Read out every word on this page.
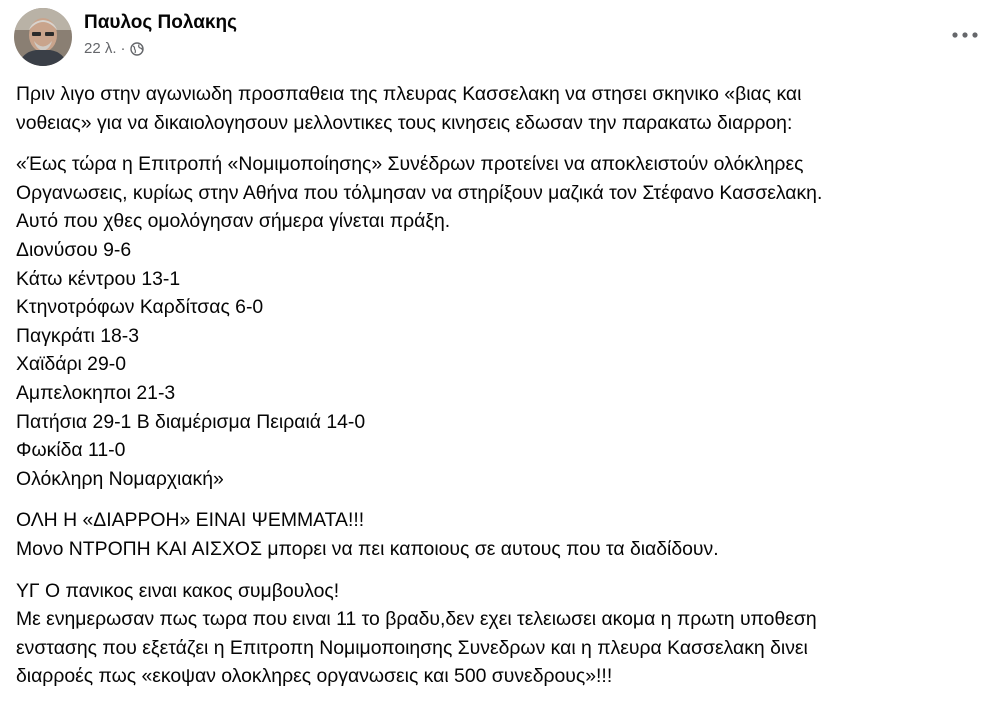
Παυλος Πολακης
22 λ. ·
Πριν λιγο στην αγωνιωδη προσπαθεια της πλευρας Κασσελακη να στησει σκηνικο «βιας και
νοθειας» για να δικαιολογησουν μελλοντικες τους κινησεις εδωσαν την παρακατω διαρροη:
«Έως τώρα η Επιτροπή «Νομιμοποίησης» Συνέδρων προτείνει να αποκλειστούν ολόκληρες
Οργανωσεις, κυρίως στην Αθήνα που τόλμησαν να στηρίξουν μαζικά τον Στέφανο Κασσελακη.
Αυτό που χθες ομολόγησαν σήμερα γίνεται πράξη.
Διονύσου 9-6
Κάτω κέντρου 13-1
Κτηνοτρόφων Καρδίτσας 6-0
Παγκράτι 18-3
Χαϊδάρι 29-0
Αμπελοκηποι 21-3
Πατήσια 29-1 Β διαμέρισμα Πειραιά 14-0
Φωκίδα 11-0
Ολόκληρη Νομαρχιακή»
ΟΛΗ Η «ΔΙΑΡΡΟΗ» ΕΙΝΑΙ ΨΕΜΜΑΤΑ!!!
Μονο ΝΤΡΟΠΗ ΚΑΙ ΑΙΣΧΟΣ μπορει να πει καποιους σε αυτους που τα διαδίδουν.
ΥΓ Ο πανικος ειναι κακος συμβουλος!
Με ενημερωσαν πως τωρα που ειναι 11 το βραδυ,δεν εχει τελειωσει ακομα η πρωτη υποθεση
ενστασης που εξετάζει η Επιτροπη Νομιμοποιησης Συνεδρων και η πλευρα Κασσελακη δινει
διαρροές πως «εκοψαν ολοκληρες οργανωσεις και 500 συνεδρους»!!!
